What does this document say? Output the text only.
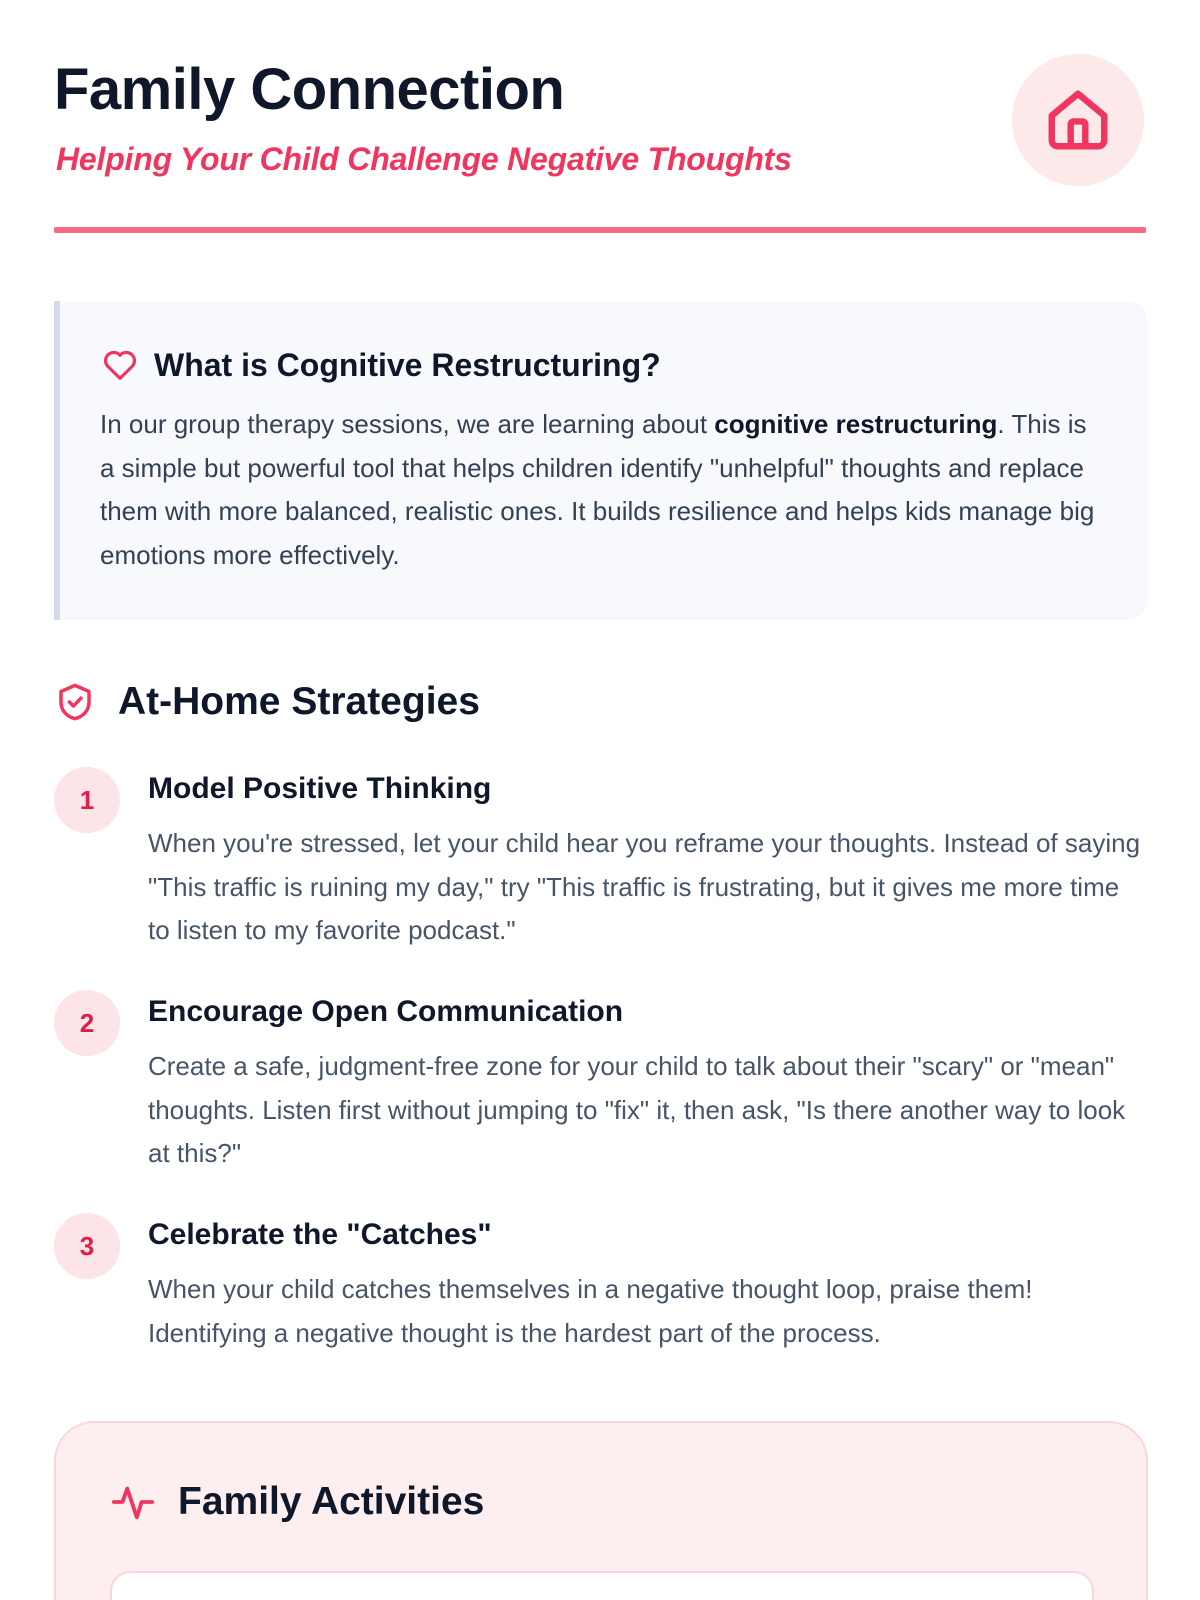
Family Connection
Helping Your Child Challenge Negative Thoughts
What is Cognitive Restructuring?

In our group therapy sessions, we are learning about cognitive restructuring. This is a simple but powerful tool that helps children identify "unhelpful" thoughts and replace them with more balanced, realistic ones. It builds resilience and helps kids manage big emotions more effectively.

At-Home Strategies
1	Model Positive Thinking
When you're stressed, let your child hear you reframe your thoughts. Instead of saying "This traffic is ruining my day," try "This traffic is frustrating, but it gives me more time to listen to my favorite podcast."
2	Encourage Open Communication
Create a safe, judgment-free zone for your child to talk about their "scary" or "mean" thoughts. Listen first without jumping to "fix" it, then ask, "Is there another way to look at this?"
3	Celebrate the "Catches"
When your child catches themselves in a negative thought loop, praise them! Identifying a negative thought is the hardest part of the process.
Family Activities
